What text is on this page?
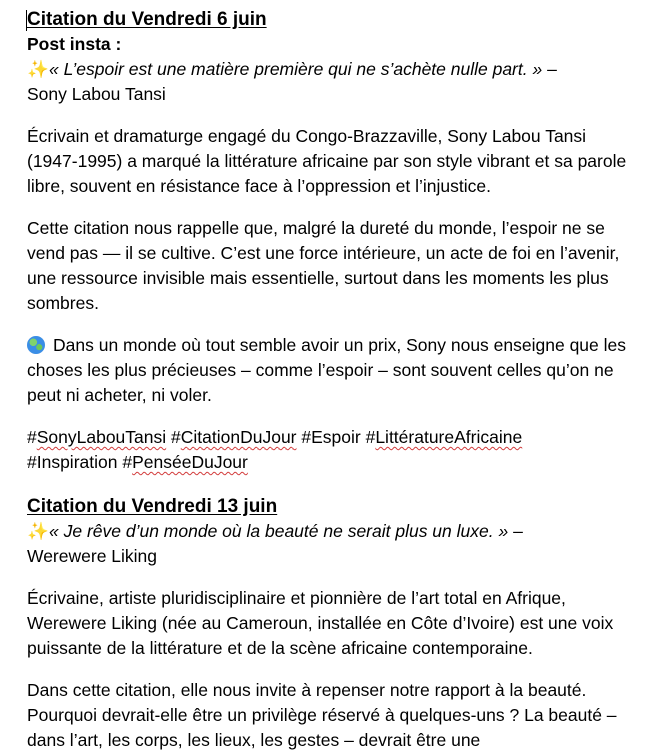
Citation du Vendredi 6 juin
Post insta :

✨« L’espoir est une matière première qui ne s’achète nulle part. » –

Sony Labou Tansi

Écrivain et dramaturge engagé du Congo-Brazzaville, Sony Labou Tansi (1947-1995) a marqué la littérature africaine par son style vibrant et sa parole libre, souvent en résistance face à l’oppression et l’injustice.

Cette citation nous rappelle que, malgré la dureté du monde, l’espoir ne se vend pas — il se cultive. C’est une force intérieure, un acte de foi en l’avenir, une ressource invisible mais essentielle, surtout dans les moments les plus sombres.

Dans un monde où tout semble avoir un prix, Sony nous enseigne que les choses les plus précieuses – comme l’espoir – sont souvent celles qu’on ne peut ni acheter, ni voler.

#SonyLabouTansi #CitationDuJour #Espoir #LittératureAfricaine
#Inspiration #PenséeDuJour

Citation du Vendredi 13 juin

✨« Je rêve d’un monde où la beauté ne serait plus un luxe. » –

Werewere Liking

Écrivaine, artiste pluridisciplinaire et pionnière de l’art total en Afrique, Werewere Liking (née au Cameroun, installée en Côte d’Ivoire) est une voix puissante de la littérature et de la scène africaine contemporaine.

Dans cette citation, elle nous invite à repenser notre rapport à la beauté. Pourquoi devrait-elle être un privilège réservé à quelques-uns ? La beauté – dans l’art, les corps, les lieux, les gestes – devrait être une
